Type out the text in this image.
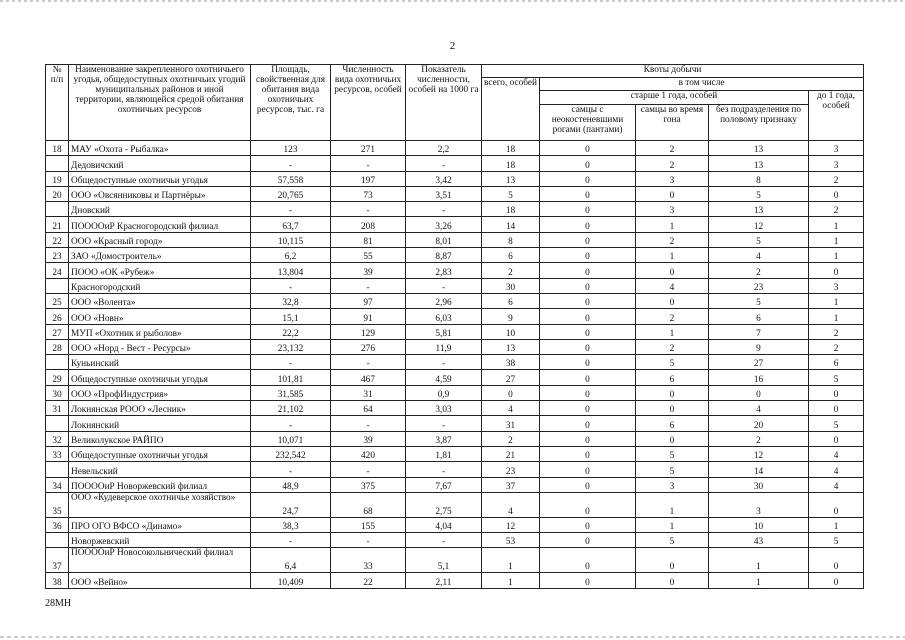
2
№ п/п	Наименование закрепленного охотничьего угодья, общедоступных охотничьих угодий муниципальных районов и иной территории, являющейся средой обитания охотничьих ресурсов	Площадь, свойственная для обитания вида охотничьих ресурсов, тыс. га	Численность вида охотничьих ресурсов, особей	Показатель численности, особей на 1000 га	Квоты добычи				
					всего, особей	в том числе			
						старше 1 года, особей			до 1 года, особей
						самцы с неокостеневшими рогами (пантами)	самцы во время гона	без подразделения по половому признаку	
18	МАУ «Охота - Рыбалка»	123	271	2,2	18	0	2	13	3
	Дедовичский	-	-	-	18	0	2	13	3
19	Общедоступные охотничьи угодья	57,558	197	3,42	13	0	3	8	2
20	ООО «Овсянниковы и Партнёры»	20,765	73	3,51	5	0	0	5	0
	Дновский	-	-	-	18	0	3	13	2
21	ПОООOиР Красногородский филиал	63,7	208	3,26	14	0	1	12	1
22	ООО «Красный город»	10,115	81	8,01	8	0	2	5	1
23	ЗАО «Домостроитель»	6,2	55	8,87	6	0	1	4	1
24	ПООО «ОК «Рубеж»	13,804	39	2,83	2	0	0	2	0
	Красногородский	-	-	-	30	0	4	23	3
25	ООО «Волента»	32,8	97	2,96	6	0	0	5	1
26	ООО «Новн»	15,1	91	6,03	9	0	2	6	1
27	МУП «Охотник и рыболов»	22,2	129	5,81	10	0	1	7	2
28	ООО «Норд - Вест - Ресурсы»	23,132	276	11,9	13	0	2	9	2
	Куньинский	-	-	-	38	0	5	27	6
29	Общедоступные охотничьи угодья	101,81	467	4,59	27	0	6	16	5
30	ООО «ПрофИндустрия»	31,585	31	0,9	0	0	0	0	0
31	Локнянская РООО «Лесник»	21,102	64	3,03	4	0	0	4	0
	Локнянский	-	-	-	31	0	6	20	5
32	Великолукское РАЙПО	10,071	39	3,87	2	0	0	2	0
33	Общедоступные охотничьи угодья	232,542	420	1,81	21	0	5	12	4
	Невельский	-	-	-	23	0	5	14	4
34	ПОООOиР Новоржевский филиал	48,9	375	7,67	37	0	3	30	4
35	ООО «Кудеверское охотничье хозяйство»	24,7	68	2,75	4	0	1	3	0
36	ПРО ОГО ВФСО «Динамо»	38,3	155	4,04	12	0	1	10	1
	Новоржевский	-	-	-	53	0	5	43	5
37	ПОООOиР Новосокольнический филиал	6,4	33	5,1	1	0	0	1	0
38	ООО «Вейно»	10,409	22	2,11	1	0	0	1	0
28МН
